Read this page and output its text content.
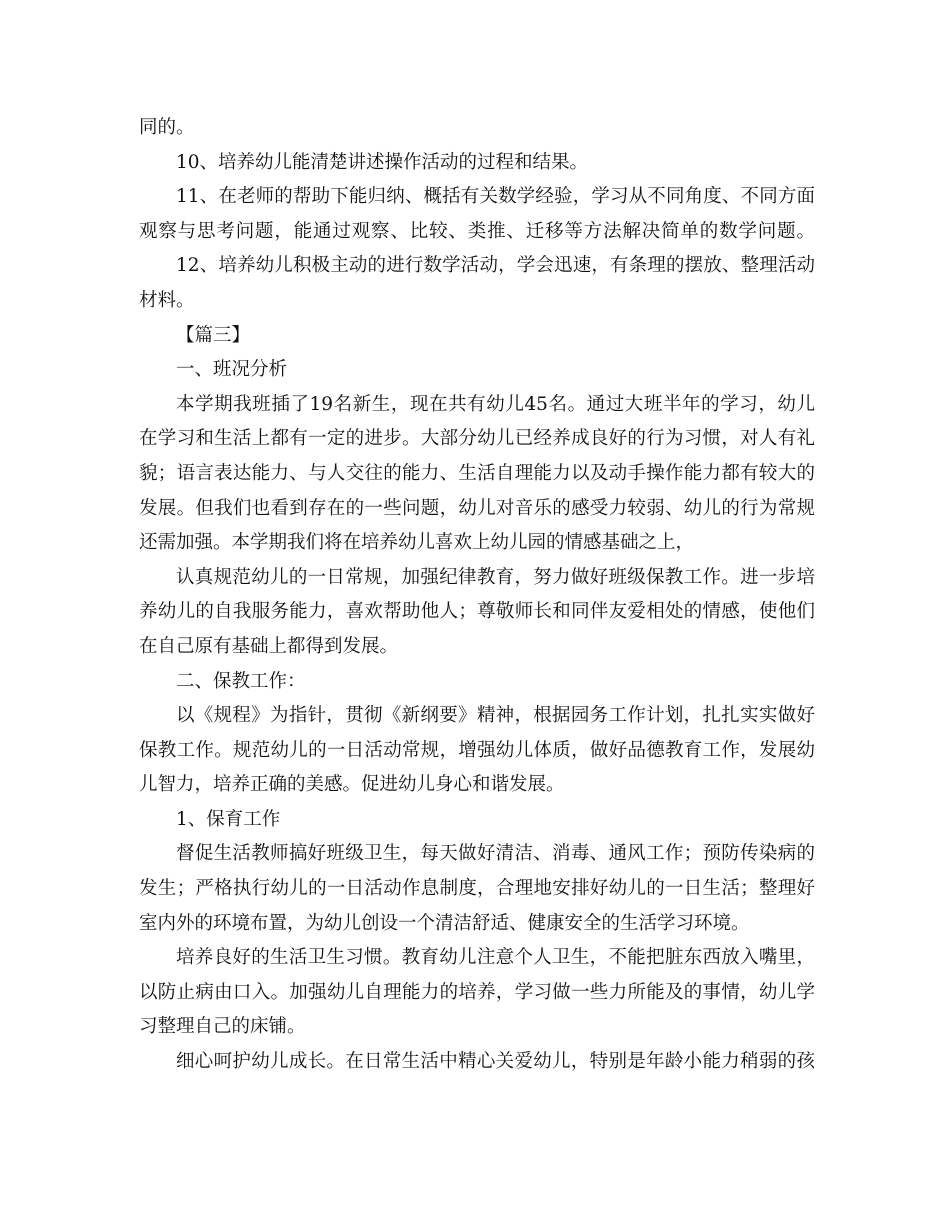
同的。
10、培养幼儿能清楚讲述操作活动的过程和结果。
11、在老师的帮助下能归纳、概括有关数学经验，学习从不同角度、不同方面
观察与思考问题，能通过观察、比较、类推、迁移等方法解决简单的数学问题。
12、培养幼儿积极主动的进行数学活动，学会迅速，有条理的摆放、整理活动
材料。
【篇三】
一、班况分析
本学期我班插了19名新生，现在共有幼儿45名。通过大班半年的学习，幼儿
在学习和生活上都有一定的进步。大部分幼儿已经养成良好的行为习惯，对人有礼
貌；语言表达能力、与人交往的能力、生活自理能力以及动手操作能力都有较大的
发展。但我们也看到存在的一些问题，幼儿对音乐的感受力较弱、幼儿的行为常规
还需加强。本学期我们将在培养幼儿喜欢上幼儿园的情感基础之上，
认真规范幼儿的一日常规，加强纪律教育，努力做好班级保教工作。进一步培
养幼儿的自我服务能力，喜欢帮助他人；尊敬师长和同伴友爱相处的情感，使他们
在自己原有基础上都得到发展。
二、保教工作：
以《规程》为指针，贯彻《新纲要》精神，根据园务工作计划，扎扎实实做好
保教工作。规范幼儿的一日活动常规，增强幼儿体质，做好品德教育工作，发展幼
儿智力，培养正确的美感。促进幼儿身心和谐发展。
1、保育工作
督促生活教师搞好班级卫生，每天做好清洁、消毒、通风工作；预防传染病的
发生；严格执行幼儿的一日活动作息制度，合理地安排好幼儿的一日生活；整理好
室内外的环境布置，为幼儿创设一个清洁舒适、健康安全的生活学习环境。
培养良好的生活卫生习惯。教育幼儿注意个人卫生，不能把脏东西放入嘴里，
以防止病由口入。加强幼儿自理能力的培养，学习做一些力所能及的事情，幼儿学
习整理自己的床铺。
细心呵护幼儿成长。在日常生活中精心关爱幼儿，特别是年龄小能力稍弱的孩
